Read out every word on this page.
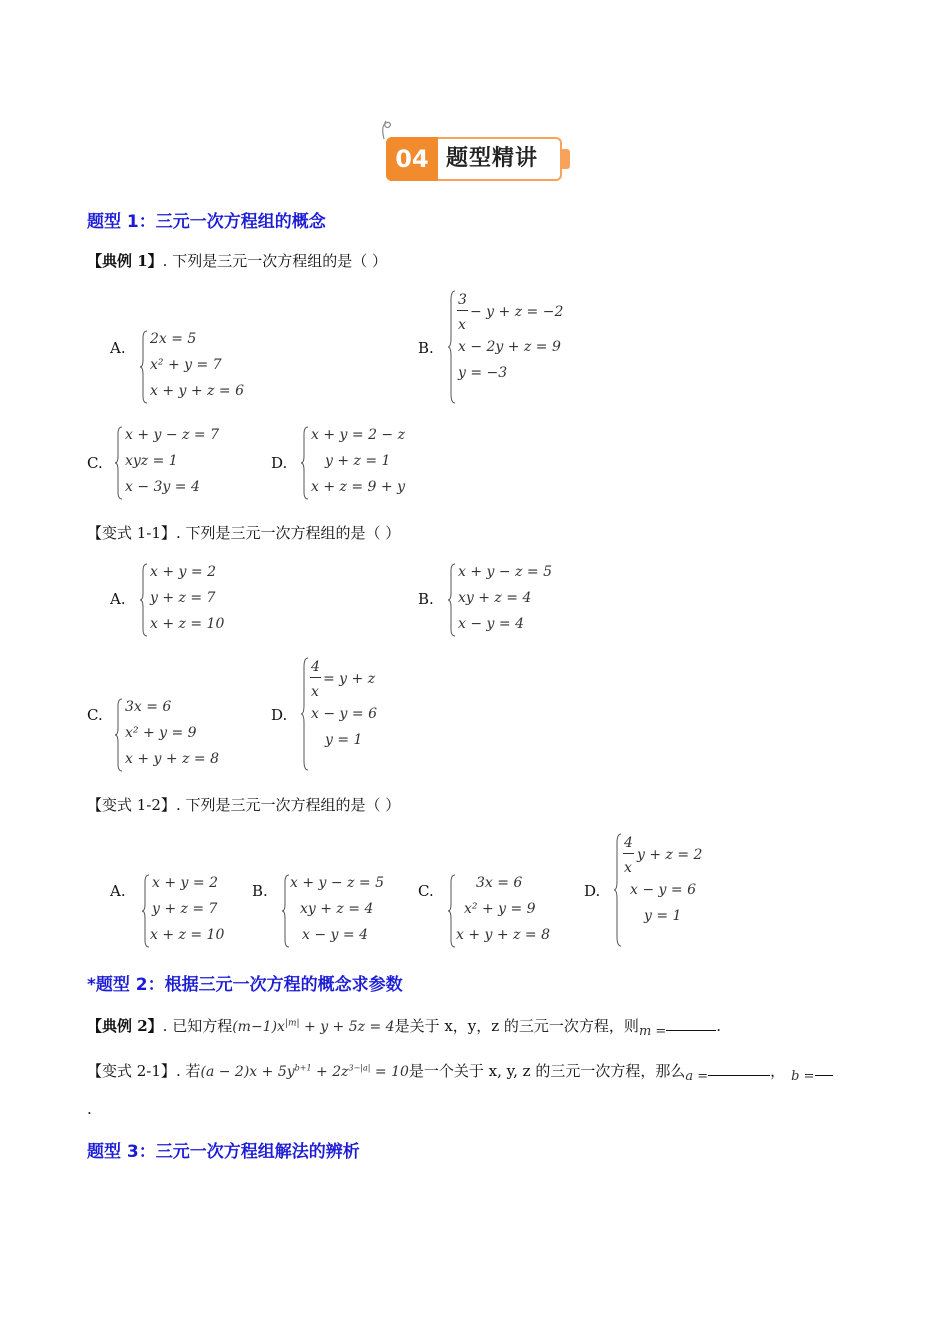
04 题型精讲
题型 1：三元一次方程组的概念
【典例 1】. 下列是三元一次方程组的是（ ）
A. 2x = 5
x² + y = 7
x + y + z = 6
B.
3
x
− y + z = −2
x − 2y + z = 9
y = −3
C.
x + y − z = 7
xyz = 1
x − 3y = 4
D.
x + y = 2 − z
y + z = 1
x + z = 9 + y
【变式 1-1】. 下列是三元一次方程组的是（ ）
A.
x + y = 2
y + z = 7
x + z = 10
B.
x + y − z = 5
xy + z = 4
x − y = 4
C. 3x = 6
x² + y = 9
x + y + z = 8
D.
4
x
= y + z
x − y = 6
y = 1
【变式 1-2】. 下列是三元一次方程组的是（ ）
A. x + y = 2
y + z = 7
x + z = 10
B. x + y − z = 5
xy + z = 4
x − y = 4
C.	3x = 6
x² + y = 9
x + y + z = 8
D.
4
x
y + z = 2
x − y = 6
y = 1
*题型 2：根据三元一次方程的概念求参数
【典例 2】. 已知方程$(m-1)x^{|m|} + y + 5z = 4$是关于 x，y，z 的三元一次方程，则m =	.
【变式 2-1】. 若$(a - 2)x + 5y^{b+1} + 2z^{3-|a|} = 10$是一个关于 x, y, z 的三元一次方程，那么a =	， b =
.
题型 3：三元一次方程组解法的辨析
